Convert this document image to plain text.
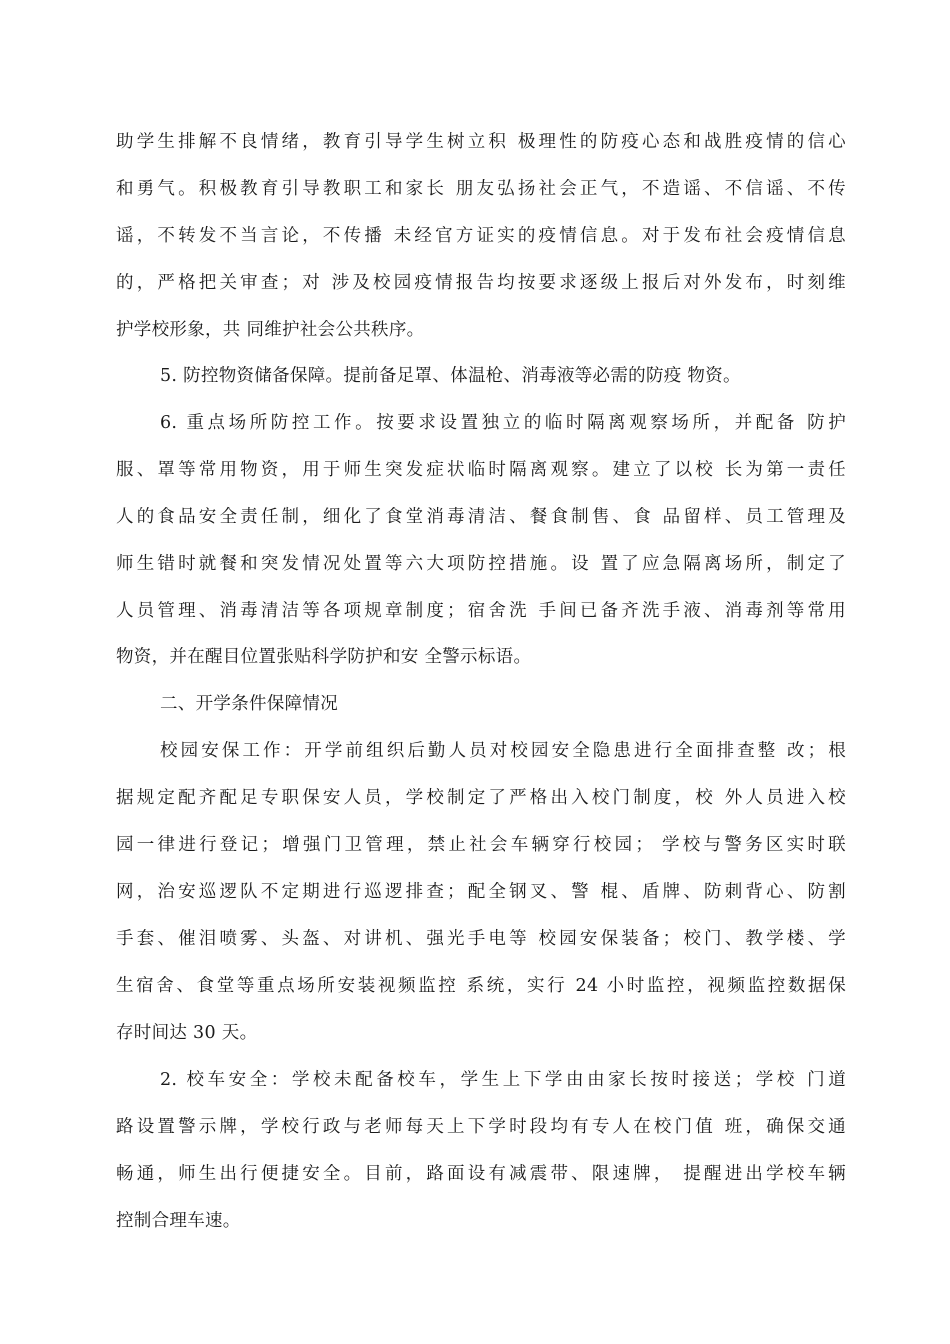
助学生排解不良情绪，教育引导学生树立积 极理性的防疫心态和战胜疫情的信心
和勇气。积极教育引导教职工和家长 朋友弘扬社会正气，不造谣、不信谣、不传
谣，不转发不当言论，不传播 未经官方证实的疫情信息。对于发布社会疫情信息
的，严格把关审查；对 涉及校园疫情报告均按要求逐级上报后对外发布，时刻维
护学校形象，共 同维护社会公共秩序。
5. 防控物资储备保障。提前备足罩、体温枪、消毒液等必需的防疫 物资。
6. 重点场所防控工作。按要求设置独立的临时隔离观察场所，并配备 防护
服、罩等常用物资，用于师生突发症状临时隔离观察。建立了以校 长为第一责任
人的食品安全责任制，细化了食堂消毒清洁、餐食制售、食 品留样、员工管理及
师生错时就餐和突发情况处置等六大项防控措施。设 置了应急隔离场所，制定了
人员管理、消毒清洁等各项规章制度；宿舍洗 手间已备齐洗手液、消毒剂等常用
物资，并在醒目位置张贴科学防护和安 全警示标语。
二、开学条件保障情况
校园安保工作：开学前组织后勤人员对校园安全隐患进行全面排查整 改；根
据规定配齐配足专职保安人员，学校制定了严格出入校门制度，校 外人员进入校
园一律进行登记；增强门卫管理，禁止社会车辆穿行校园； 学校与警务区实时联
网，治安巡逻队不定期进行巡逻排查；配全钢叉、警 棍、盾牌、防刺背心、防割
手套、催泪喷雾、头盔、对讲机、强光手电等 校园安保装备；校门、教学楼、学
生宿舍、食堂等重点场所安装视频监控 系统，实行 24 小时监控，视频监控数据保
存时间达 30 天。
2. 校车安全：学校未配备校车，学生上下学由由家长按时接送；学校 门道
路设置警示牌，学校行政与老师每天上下学时段均有专人在校门值 班，确保交通
畅通，师生出行便捷安全。目前，路面设有减震带、限速牌， 提醒进出学校车辆
控制合理车速。
